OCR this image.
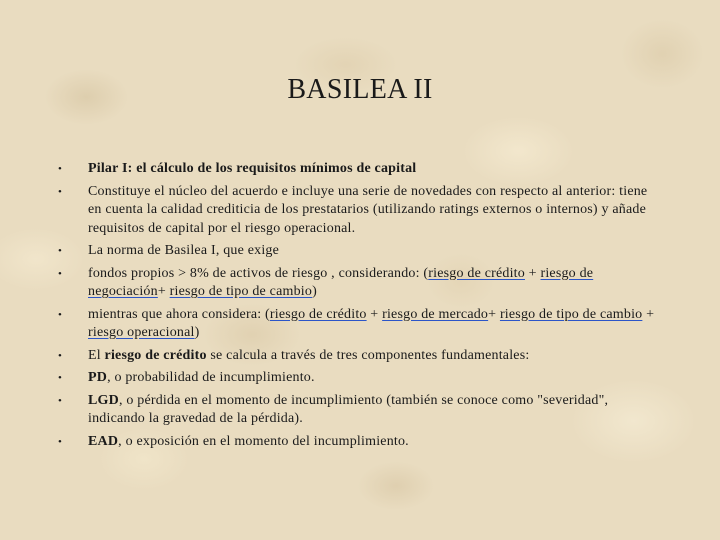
BASILEA II
• Pilar I: el cálculo de los requisitos mínimos de capital
• Constituye el núcleo del acuerdo e incluye una serie de novedades con respecto al anterior: tiene en cuenta la calidad crediticia de los prestatarios (utilizando ratings externos o internos) y añade requisitos de capital por el riesgo operacional.
• La norma de Basilea I, que exige
• fondos propios > 8% de activos de riesgo , considerando: (riesgo de crédito + riesgo de negociación+ riesgo de tipo de cambio)
• mientras que ahora considera: (riesgo de crédito + riesgo de mercado+ riesgo de tipo de cambio + riesgo operacional)
• El riesgo de crédito se calcula a través de tres componentes fundamentales:
• PD, o probabilidad de incumplimiento.
• LGD, o pérdida en el momento de incumplimiento (también se conoce como "severidad", indicando la gravedad de la pérdida).
• EAD, o exposición en el momento del incumplimiento.
